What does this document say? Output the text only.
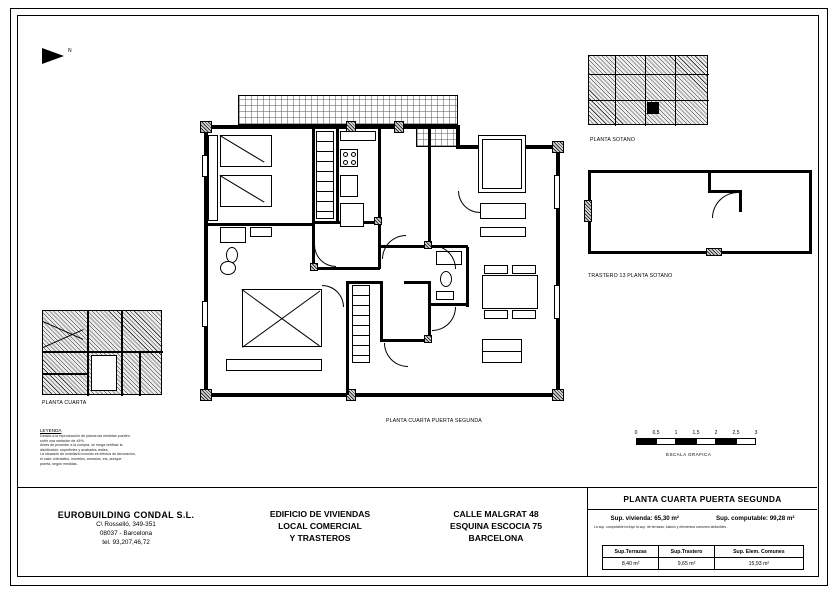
N
PLANTA CUARTA PUERTA SEGUNDA
PLANTA CUARTA
PLANTA SOTANO
TRASTERO 13 PLANTA SOTANO
LEYENDA
Debido a la reproducción de planos las medidas pueden
sufrir una variación de ±5%.
Antes de proceder a la compra, se ruega verificar la
distribución, superficies y acabados reales.
La situación de mobiliario incluido es efectos de decoración,
el valor orientativo, muebles, armarios, etc, aunque
puerta, según medidas.
0	0,5	1	1,5	2	2,5	3
ESCALA GRAFICA
EUROBUILDING CONDAL S.L.
C\ Rosselló, 349-351
08037 - Barcelona
tel. 93,207,46,72
EDIFICIO DE VIVIENDAS
LOCAL COMERCIAL
Y TRASTEROS
CALLE MALGRAT 48
ESQUINA ESCOCIA 75
BARCELONA
PLANTA CUARTA PUERTA SEGUNDA
Sup. vivienda: 65,30 m²	Sup. computable: 99,28 m²
La sup. computable incluye la sup. de terrazas, balcón y elementos comunes atribuibles.
Sup.Terrazas	Sup.Trastero	Sup. Elem. Comunes
8,40 m²	9,65 m²	15,93 m²
